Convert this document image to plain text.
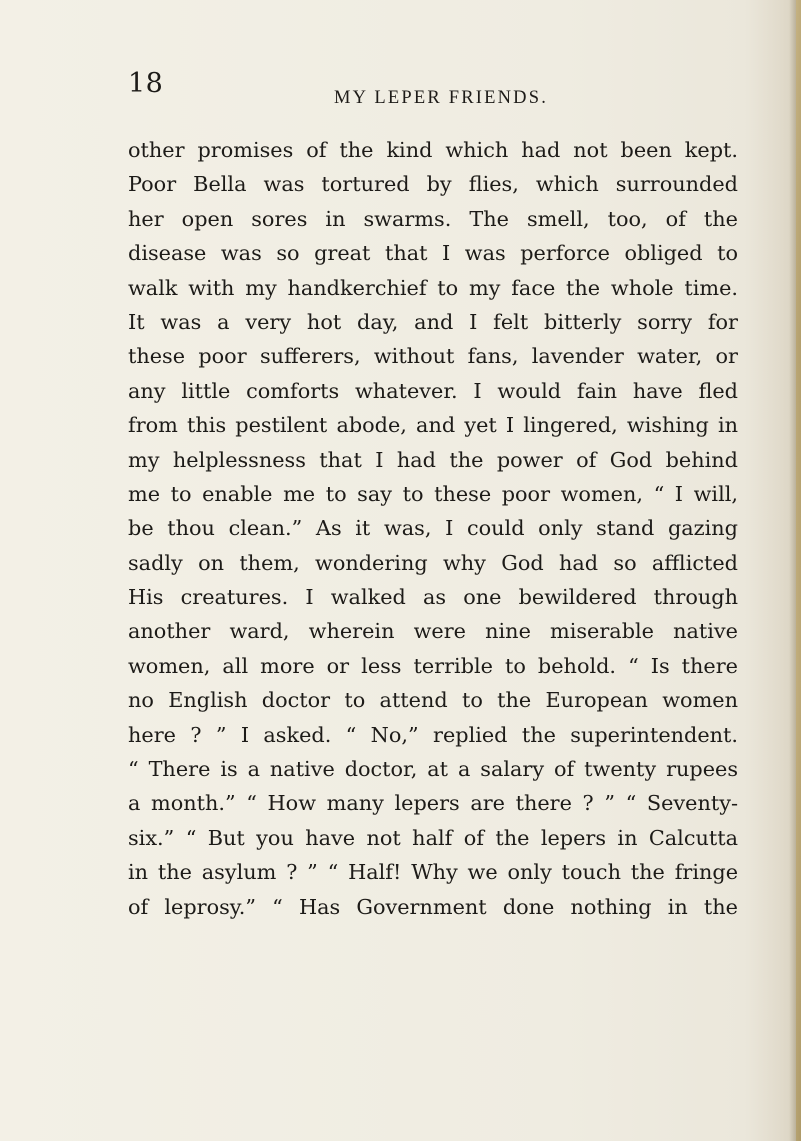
18	MY LEPER FRIENDS.
other promises of the kind which had not been kept.
Poor Bella was tortured by flies, which surrounded
her open sores in swarms. The smell, too, of the
disease was so great that I was perforce obliged to
walk with my handkerchief to my face the whole time.
It was a very hot day, and I felt bitterly sorry for
these poor sufferers, without fans, lavender water, or
any little comforts whatever. I would fain have fled
from this pestilent abode, and yet I lingered, wishing in
my helplessness that I had the power of God behind
me to enable me to say to these poor women, “ I will,
be thou clean.” As it was, I could only stand gazing
sadly on them, wondering why God had so afflicted
His creatures. I walked as one bewildered through
another ward, wherein were nine miserable native
women, all more or less terrible to behold. “ Is there
no English doctor to attend to the European women
here ? ” I asked. “ No,” replied the superintendent.
“ There is a native doctor, at a salary of twenty rupees
a month.” “ How many lepers are there ? ” “ Seventy-
six.” “ But you have not half of the lepers in Calcutta
in the asylum ? ” “ Half! Why we only touch the fringe
of leprosy.” “ Has Government done nothing in the
